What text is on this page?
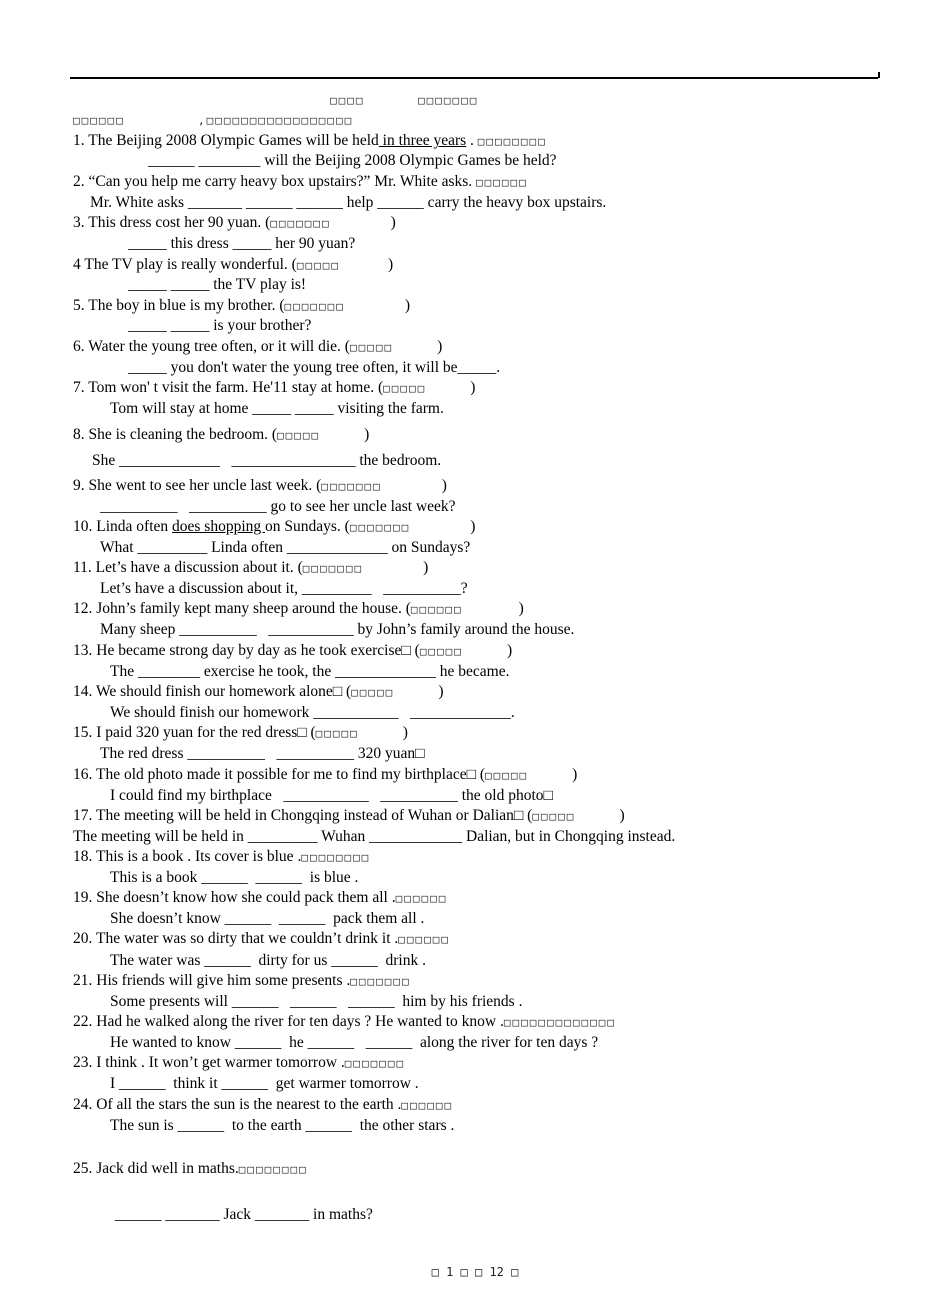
□□□□	□□□□□□□
□□□□□□	,□□□□□□□□□□□□□□□□□
1. The Beijing 2008 Olympic Games will be held in three years . □□□□□□□□
______ ________ will the Beijing 2008 Olympic Games be held?
2. “Can you help me carry heavy box upstairs?” Mr. White asks. □□□□□□
Mr. White asks _______ ______ ______ help ______ carry the heavy box upstairs.
3. This dress cost her 90 yuan. (□□□□□□□	)
_____ this dress _____ her 90 yuan?
4 The TV play is really wonderful. (□□□□□	)
_____ _____ the TV play is!
5. The boy in blue is my brother. (□□□□□□□	)
_____ _____ is your brother?
6. Water the young tree often, or it will die. (□□□□□	)
_____ you don't water the young tree often, it will be_____.
7. Tom won' t visit the farm. He'11 stay at home. (□□□□□	)
Tom will stay at home _____ _____ visiting the farm.
8. She is cleaning the bedroom. (□□□□□	)
She _____________   ________________ the bedroom.
9. She went to see her uncle last week. (□□□□□□□	)
__________   __________ go to see her uncle last week?
10. Linda often does shopping on Sundays. (□□□□□□□	)
What _________ Linda often _____________ on Sundays?
11. Let’s have a discussion about it. (□□□□□□□	)
Let’s have a discussion about it, _________   __________?
12. John’s family kept many sheep around the house. (□□□□□□	)
Many sheep __________   ___________ by John’s family around the house.
13. He became strong day by day as he took exercise□ (□□□□□	)
The ________ exercise he took, the _____________ he became.
14. We should finish our homework alone□ (□□□□□	)
We should finish our homework ___________   _____________.
15. I paid 320 yuan for the red dress□ (□□□□□	)
The red dress __________   __________ 320 yuan□
16. The old photo made it possible for me to find my birthplace□ (□□□□□	)
I could find my birthplace   ___________   __________ the old photo□
17. The meeting will be held in Chongqing instead of Wuhan or Dalian□ (□□□□□	)
The meeting will be held in _________ Wuhan ____________ Dalian, but in Chongqing instead.
18. This is a book . Its cover is blue .□□□□□□□□
This is a book ______  ______  is blue .
19. She doesn’t know how she could pack them all .□□□□□□
She doesn’t know ______  ______  pack them all .
20. The water was so dirty that we couldn’t drink it .□□□□□□
The water was ______  dirty for us ______  drink .
21. His friends will give him some presents .□□□□□□□
Some presents will ______   ______   ______  him by his friends .
22. Had he walked along the river for ten days ? He wanted to know .□□□□□□□□□□□□□
He wanted to know ______  he ______   ______  along the river for ten days ?
23. I think . It won’t get warmer tomorrow .□□□□□□□
I ______  think it ______  get warmer tomorrow .
24. Of all the stars the sun is the nearest to the earth .□□□□□□
The sun is ______  to the earth ______  the other stars .
25. Jack did well in maths.□□□□□□□□
______ _______ Jack _______ in maths?
□ 1 □ □ 12 □
